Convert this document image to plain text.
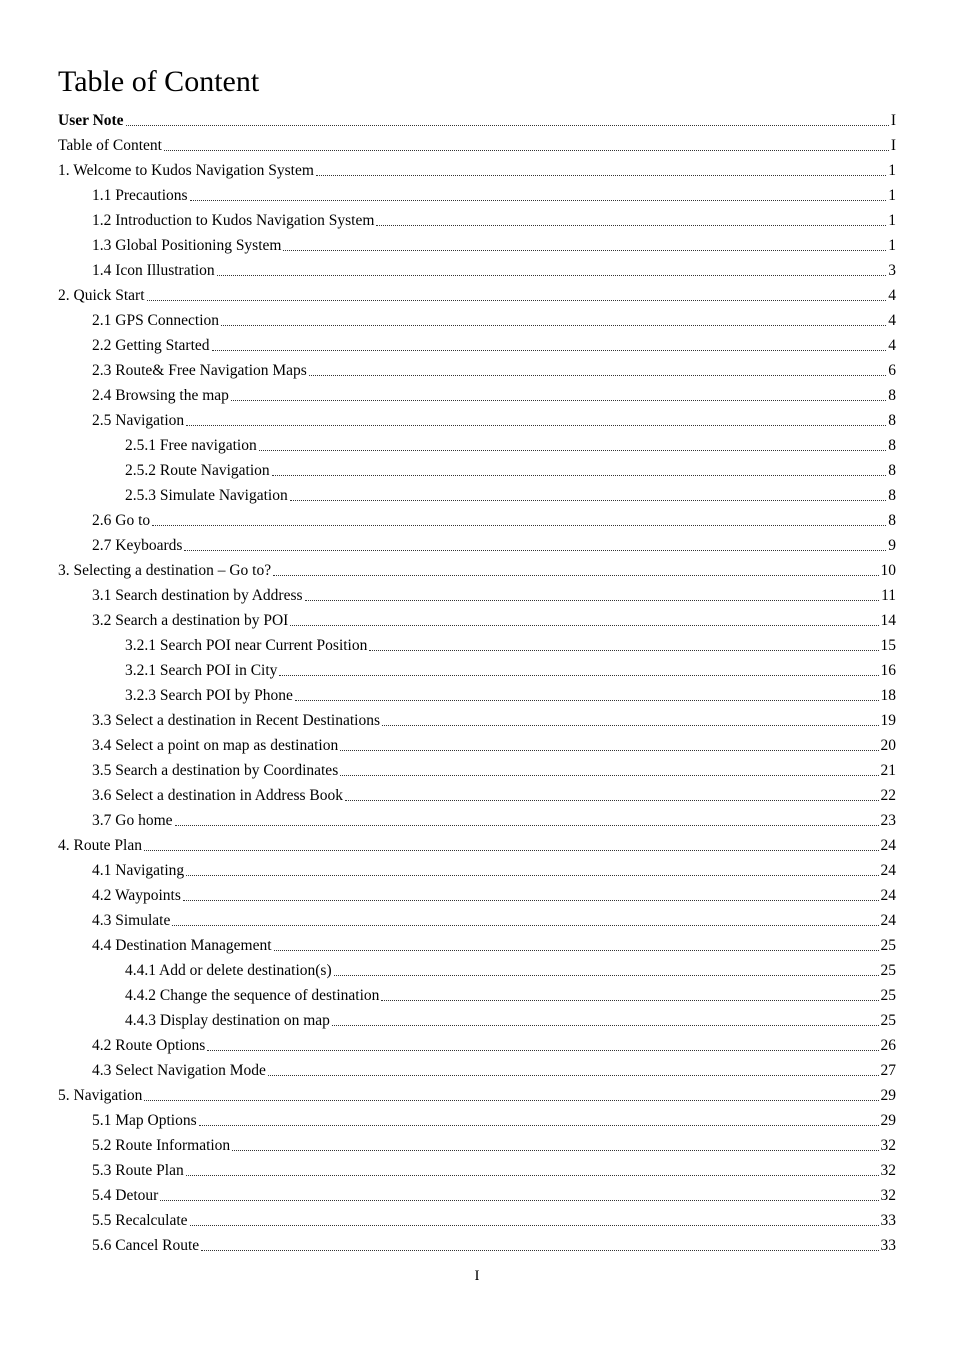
Table of Content
User Note	I
Table of Content	I
1. Welcome to Kudos Navigation System	1
1.1 Precautions	1
1.2 Introduction to Kudos Navigation System	1
1.3 Global Positioning System	1
1.4 Icon Illustration	3
2. Quick Start	4
2.1 GPS Connection	4
2.2 Getting Started	4
2.3 Route& Free Navigation Maps	6
2.4 Browsing the map	8
2.5 Navigation	8
2.5.1 Free navigation	8
2.5.2 Route Navigation	8
2.5.3 Simulate Navigation	8
2.6 Go to	8
2.7 Keyboards	9
3. Selecting a destination – Go to?	10
3.1 Search destination by Address	11
3.2 Search a destination by POI	14
3.2.1 Search POI near Current Position	15
3.2.1 Search POI in City	16
3.2.3 Search POI by Phone	18
3.3 Select a destination in Recent Destinations	19
3.4 Select a point on map as destination	20
3.5 Search a destination by Coordinates	21
3.6 Select a destination in Address Book	22
3.7 Go home	23
4. Route Plan	24
4.1 Navigating	24
4.2 Waypoints	24
4.3 Simulate	24
4.4 Destination Management	25
4.4.1 Add or delete destination(s)	25
4.4.2 Change the sequence of destination	25
4.4.3 Display destination on map	25
4.2 Route Options	26
4.3 Select Navigation Mode	27
5. Navigation	29
5.1 Map Options	29
5.2 Route Information	32
5.3 Route Plan	32
5.4 Detour	32
5.5 Recalculate	33
5.6 Cancel Route	33
I
